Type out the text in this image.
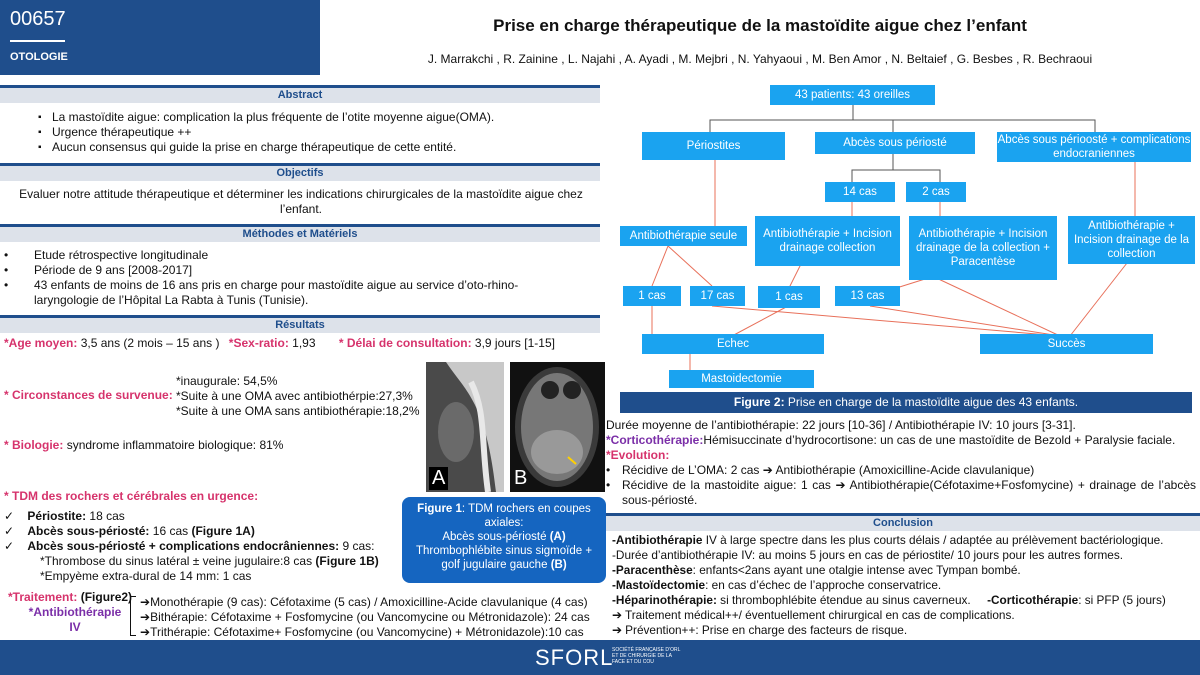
00657
OTOLOGIE
Prise en charge thérapeutique de la mastoïdite aigue chez l’enfant
J. Marrakchi , R. Zainine , L. Najahi , A. Ayadi , M. Mejbri , N. Yahyaoui , M. Ben Amor , N. Beltaief , G. Besbes , R. Bechraoui
Abstract
▪ La mastoïdite aigue: complication la plus fréquente de l’otite moyenne aigue(OMA).
▪ Urgence thérapeutique ++
▪ Aucun consensus qui guide la prise en charge thérapeutique de cette entité.
Objectifs
Evaluer notre attitude thérapeutique et déterminer les indications chirurgicales de la mastoïdite aigue chez l’enfant.
Méthodes et Matériels
• Etude rétrospective longitudinale
• Période de 9 ans [2008-2017]
• 43 enfants de moins de 16 ans pris en charge pour mastoïdite aigue au service d’oto-rhino-laryngologie de l’Hôpital La Rabta à Tunis (Tunisie).
Résultats
*Age moyen: 3,5 ans (2 mois – 15 ans ) *Sex-ratio: 1,93 * Délai de consultation: 3,9 jours [1-15]
* Circonstances de survenue:
*inaugurale: 54,5%
*Suite à une OMA avec antibiothérpie:27,3%
*Suite à une OMA sans antibiothérapie:18,2%
* Biologie: syndrome inflammatoire biologique: 81%
* TDM des rochers et cérébrales en urgence:
✓    Périostite: 18 cas
✓    Abcès sous-périosté: 16 cas (Figure 1A)
✓    Abcès sous-périosté + complications endocrâniennes: 9 cas:
*Thrombose du sinus latéral ± veine jugulaire:8 cas (Figure 1B)
*Empyème extra-dural de 14 mm: 1 cas
*Traitement: (Figure2)
*Antibiothérapie
IV
➔Monothérapie (9 cas): Céfotaxime (5 cas) / Amoxicilline-Acide clavulanique (4 cas)
➔Bithérapie: Céfotaxime + Fosfomycine (ou Vancomycine ou Métronidazole): 24 cas
➔Trithérapie: Céfotaxime+ Fosfomycine (ou Vancomycine) + Métronidazole):10 cas
A	B
Figure 1: TDM rochers en coupes axiales:
Abcès sous-périosté (A)
Thrombophlébite sinus sigmoïde + golf jugulaire gauche (B)
43 patients: 43 oreilles
Périostites	Abcès sous périosté	Abcès sous périoosté + complications endocraniennes
14 cas	2 cas
Antibiothérapie seule	Antibiothérapie + Incision drainage collection
Antibiothérapie + Incision drainage de la collection + Paracentèse
Antibiothérapie + Incision drainage de la collection
1 cas	17 cas	1 cas	13 cas
Echec	Succès
Mastoidectomie
Figure 2: Prise en charge de la mastoïdite aigue des 43 enfants.
Durée moyenne de l’antibiothérapie: 22 jours [10-36] / Antibiothérapie IV: 10 jours [3-31].
*Corticothérapie:Hémisuccinate d’hydrocortisone: un cas de une mastoïdite de Bezold + Paralysie faciale.
*Evolution:
• Récidive de L’OMA: 2 cas ➔ Antibiothérapie (Amoxicilline-Acide clavulanique)
• Récidive de la mastoidite aigue: 1 cas ➔ Antibiothérapie(Céfotaxime+Fosfomycine) + drainage de l’abcès sous-périosté.
Conclusion
-Antibiothérapie IV à large spectre dans les plus courts délais / adaptée au prélèvement bactériologique.
-Durée d’antibiothérapie IV: au moins 5 jours en cas de périostite/ 10 jours pour les autres formes.
-Paracenthèse: enfants<2ans ayant une otalgie intense avec Tympan bombé.
-Mastoïdectomie: en cas d’échec de l’approche conservatrice.
-Héparinothérapie: si thrombophlébite étendue au sinus caverneux. -Corticothérapie: si PFP (5 jours)
➔ Traitement médical++/ éventuellement chirurgical en cas de complications.
➔ Prévention++: Prise en charge des facteurs de risque.
SFORL
SOCIÉTÉ FRANÇAISE D’ORL ET DE CHIRURGIE DE LA FACE ET DU COU
